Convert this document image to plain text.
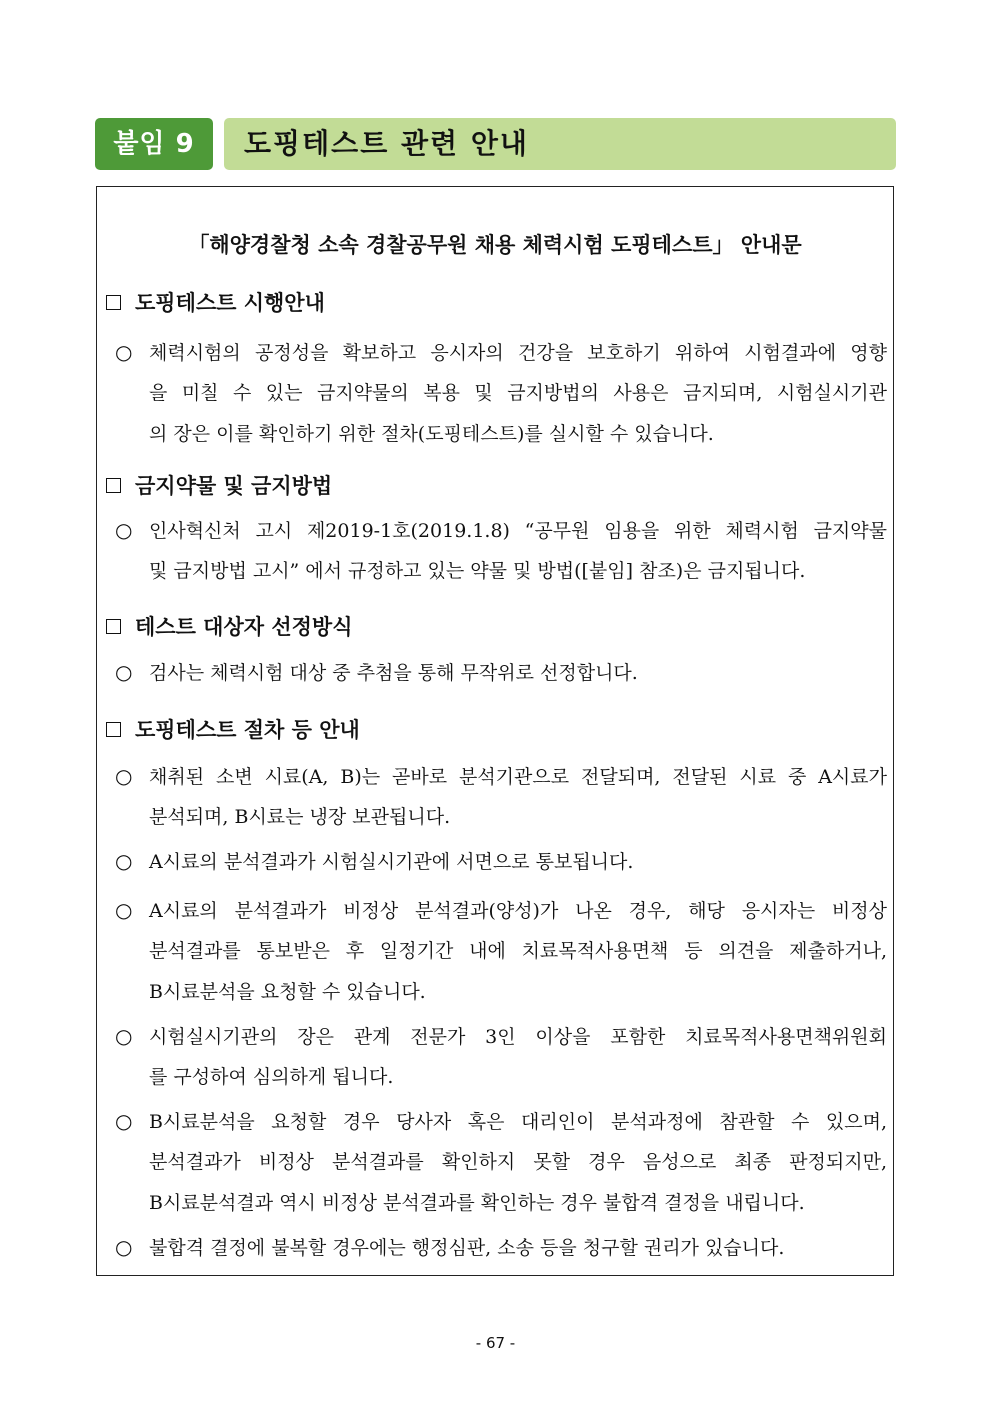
붙임 9	도핑테스트 관련 안내
「해양경찰청 소속 경찰공무원 채용 체력시험 도핑테스트」 안내문
도핑테스트 시행안내
○ 체력시험의 공정성을 확보하고 응시자의 건강을 보호하기 위하여 시험결과에 영향
을 미칠 수 있는 금지약물의 복용 및 금지방법의 사용은 금지되며, 시험실시기관
의 장은 이를 확인하기 위한 절차(도핑테스트)를 실시할 수 있습니다.
금지약물 및 금지방법
○ 인사혁신처 고시 제2019-1호(2019.1.8) “공무원 임용을 위한 체력시험 금지약물
및 금지방법 고시” 에서 규정하고 있는 약물 및 방법([붙임] 참조)은 금지됩니다.
테스트 대상자 선정방식
○ 검사는 체력시험 대상 중 추첨을 통해 무작위로 선정합니다.
도핑테스트 절차 등 안내
○ 채취된 소변 시료(A, B)는 곧바로 분석기관으로 전달되며, 전달된 시료 중 A시료가
분석되며, B시료는 냉장 보관됩니다.
○ A시료의 분석결과가 시험실시기관에 서면으로 통보됩니다.
○ A시료의 분석결과가 비정상 분석결과(양성)가 나온 경우, 해당 응시자는 비정상
분석결과를 통보받은 후 일정기간 내에 치료목적사용면책 등 의견을 제출하거나,
B시료분석을 요청할 수 있습니다.
○ 시험실시기관의 장은 관계 전문가 3인 이상을 포함한 치료목적사용면책위원회
를 구성하여 심의하게 됩니다.
○ B시료분석을 요청할 경우 당사자 혹은 대리인이 분석과정에 참관할 수 있으며,
분석결과가 비정상 분석결과를 확인하지 못할 경우 음성으로 최종 판정되지만,
B시료분석결과 역시 비정상 분석결과를 확인하는 경우 불합격 결정을 내립니다.
○ 불합격 결정에 불복할 경우에는 행정심판, 소송 등을 청구할 권리가 있습니다.
- 67 -
